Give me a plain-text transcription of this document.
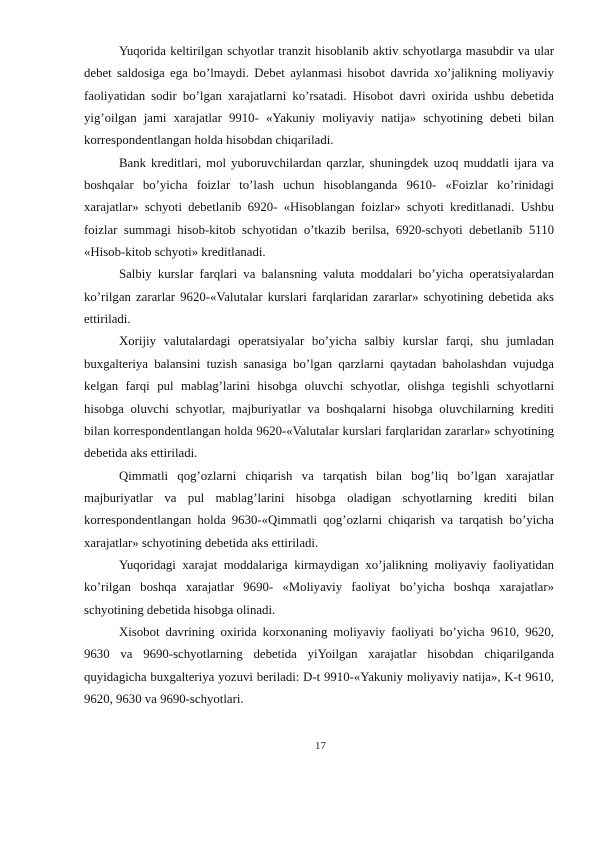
Yuqorida keltirilgan schyotlar tranzit hisoblanib aktiv schyotlarga masubdir va ular debet saldosiga ega bo’lmaydi. Debet aylanmasi hisobot davrida xo’jalikning moliyaviy faoliyatidan sodir bo’lgan xarajatlarni ko’rsatadi. Hisobot davri oxirida ushbu debetida yig’oilgan jami xarajatlar 9910- «Yakuniy moliyaviy natija» schyotining debeti bilan korrespondentlangan holda hisobdan chiqariladi.

Bank kreditlari, mol yuboruvchilardan qarzlar, shuningdek uzoq muddatli ijara va boshqalar bo’yicha foizlar to’lash uchun hisoblanganda 9610- «Foizlar ko’rinidagi xarajatlar» schyoti debetlanib 6920- «Hisoblangan foizlar» schyoti kreditlanadi. Ushbu foizlar summagi hisob-kitob schyotidan o’tkazib berilsa, 6920-schyoti debetlanib 5110 «Hisob-kitob schyoti» kreditlanadi.

Salbiy kurslar farqlari va balansning valuta moddalari bo’yicha operatsiyalardan ko’rilgan zararlar 9620-«Valutalar kurslari farqlaridan zararlar» schyotining debetida aks ettiriladi.

Xorijiy valutalardagi operatsiyalar bo’yicha salbiy kurslar farqi, shu jumladan buxgalteriya balansini tuzish sanasiga bo’lgan qarzlarni qaytadan baholashdan vujudga kelgan farqi pul mablag’larini hisobga oluvchi schyotlar, olishga tegishli schyotlarni hisobga oluvchi schyotlar, majburiyatlar va boshqalarni hisobga oluvchilarning krediti bilan korrespondentlangan holda 9620-«Valutalar kurslari farqlaridan zararlar» schyotining debetida aks ettiriladi.

Qimmatli qog’ozlarni chiqarish va tarqatish bilan bog’liq bo’lgan xarajatlar majburiyatlar va pul mablag’larini hisobga oladigan schyotlarning krediti bilan korrespondentlangan holda 9630-«Qimmatli qog’ozlarni chiqarish va tarqatish bo’yicha xarajatlar» schyotining debetida aks ettiriladi.

Yuqoridagi xarajat moddalariga kirmaydigan xo’jalikning moliyaviy faoliyatidan ko’rilgan boshqa xarajatlar 9690- «Moliyaviy faoliyat bo’yicha boshqa xarajatlar» schyotining debetida hisobga olinadi.

Xisobot davrining oxirida korxonaning moliyaviy faoliyati bo’yicha 9610, 9620, 9630 va 9690-schyotlarning debetida yiYoilgan xarajatlar hisobdan chiqarilganda quyidagicha buxgalteriya yozuvi beriladi: D-t 9910-«Yakuniy moliyaviy natija», K-t 9610, 9620, 9630 va 9690-schyotlari.

17
